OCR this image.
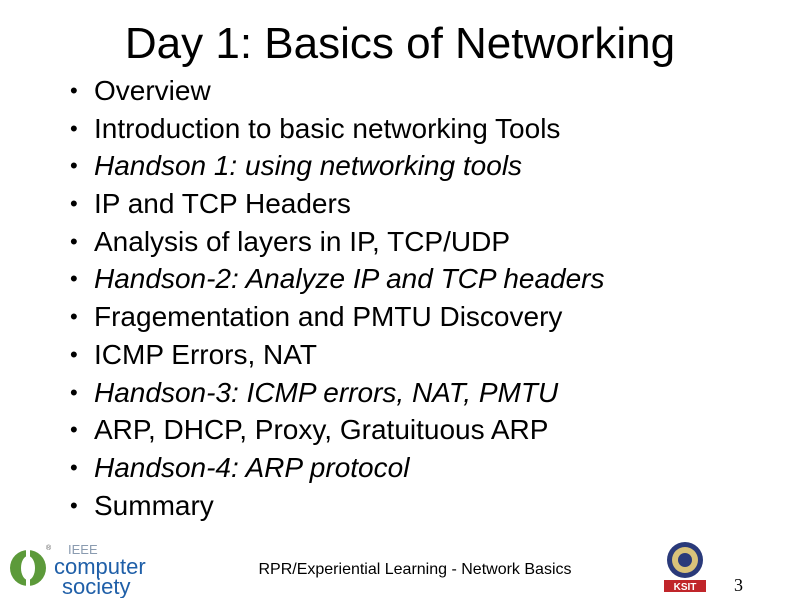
Day 1: Basics of Networking
• Overview
• Introduction to basic networking Tools
• Handson 1: using networking tools
• IP and TCP Headers
• Analysis of layers in IP, TCP/UDP
• Handson-2: Analyze IP and TCP headers
• Fragementation and PMTU Discovery
• ICMP Errors, NAT
• Handson-3: ICMP errors, NAT, PMTU
• ARP, DHCP, Proxy, Gratuituous ARP
• Handson-4: ARP protocol
• Summary
® IEEE
computer
society
RPR/Experiential Learning - Network Basics
KSIT 3
